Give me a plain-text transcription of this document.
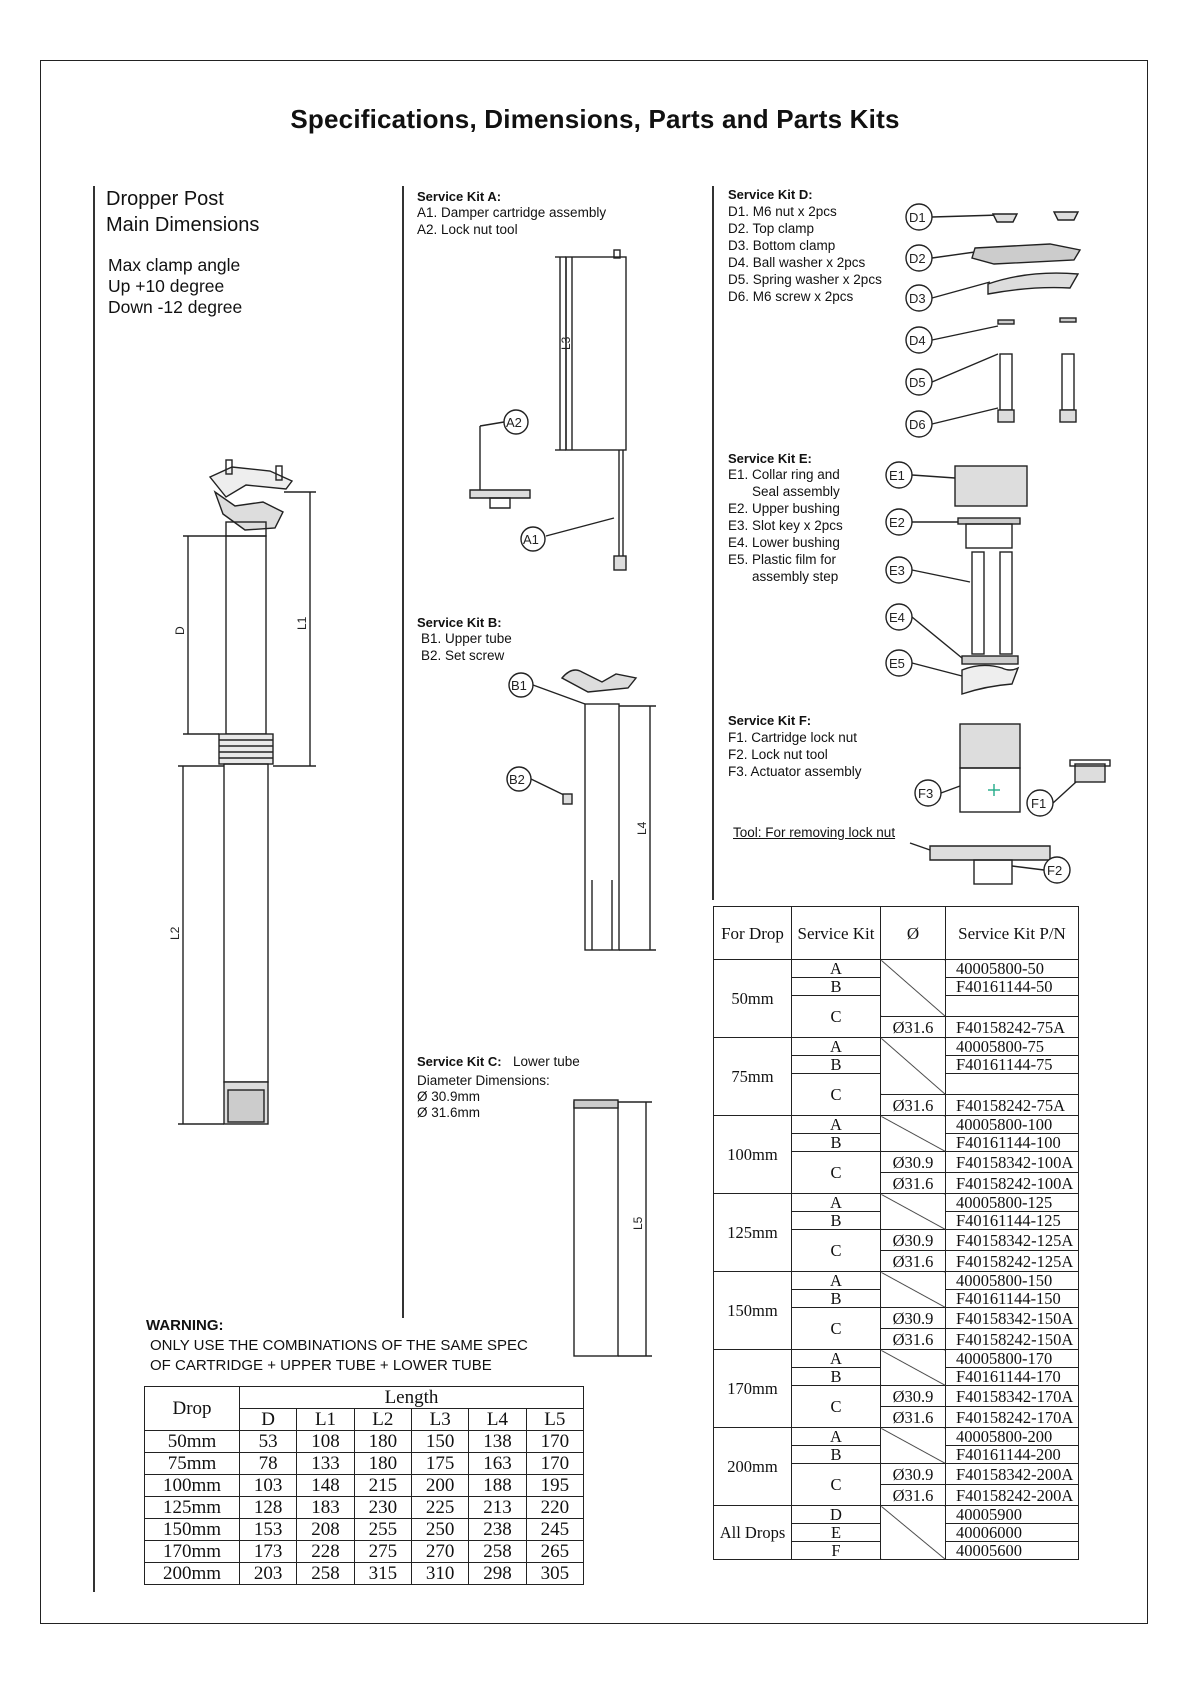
Specifications, Dimensions, Parts and Parts Kits
Dropper Post
Main Dimensions
Max clamp angle
Up +10 degree
Down -12 degree
Service Kit A:
A1. Damper cartridge assembly
A2. Lock nut tool
Service Kit B:
B1. Upper tube
B2. Set screw
Service Kit C: Lower tube
Diameter Dimensions:
Ø 30.9mm
Ø 31.6mm
Service Kit D:
D1. M6 nut x 2pcs
D2. Top clamp
D3. Bottom clamp
D4. Ball washer x 2pcs
D5. Spring washer x 2pcs
D6. M6 screw x 2pcs
Service Kit E:
E1. Collar ring and
Seal assembly
E2. Upper bushing
E3. Slot key x 2pcs
E4. Lower bushing
E5. Plastic film for
assembly step
Service Kit F:
F1. Cartridge lock nut
F2. Lock nut tool
F3. Actuator assembly
Tool: For removing lock nut
D
L1
L2
L3
A2
A1
L4
B1
B2
L5
D1
D2
D3
D4
D5
D6
E1
E2
E3
E4
E5
F3
F1
F2
WARNING:
ONLY USE THE COMBINATIONS OF THE SAME SPEC
OF CARTRIDGE + UPPER TUBE + LOWER TUBE
Drop	Length					
	D	L1	L2	L3	L4	L5
50mm	53	108	180	150	138	170
75mm	78	133	180	175	163	170
100mm	103	148	215	200	188	195
125mm	128	183	230	225	213	220
150mm	153	208	255	250	238	245
170mm	173	228	275	270	258	265
200mm	203	258	315	310	298	305
For Drop	Service Kit	Ø	Service Kit P/N
50mm	A		40005800-50
	B		F40161144-50
	C		
		Ø31.6	F40158242-75A
75mm	A		40005800-75
	B		F40161144-75
	C		
		Ø31.6	F40158242-75A
100mm	A		40005800-100
	B		F40161144-100
	C	Ø30.9	F40158342-100A
		Ø31.6	F40158242-100A
125mm	A		40005800-125
	B		F40161144-125
	C	Ø30.9	F40158342-125A
		Ø31.6	F40158242-125A
150mm	A		40005800-150
	B		F40161144-150
	C	Ø30.9	F40158342-150A
		Ø31.6	F40158242-150A
170mm	A		40005800-170
	B		F40161144-170
	C	Ø30.9	F40158342-170A
		Ø31.6	F40158242-170A
200mm	A		40005800-200
	B		F40161144-200
	C	Ø30.9	F40158342-200A
		Ø31.6	F40158242-200A
All Drops	D		40005900
	E		40006000
	F		40005600
